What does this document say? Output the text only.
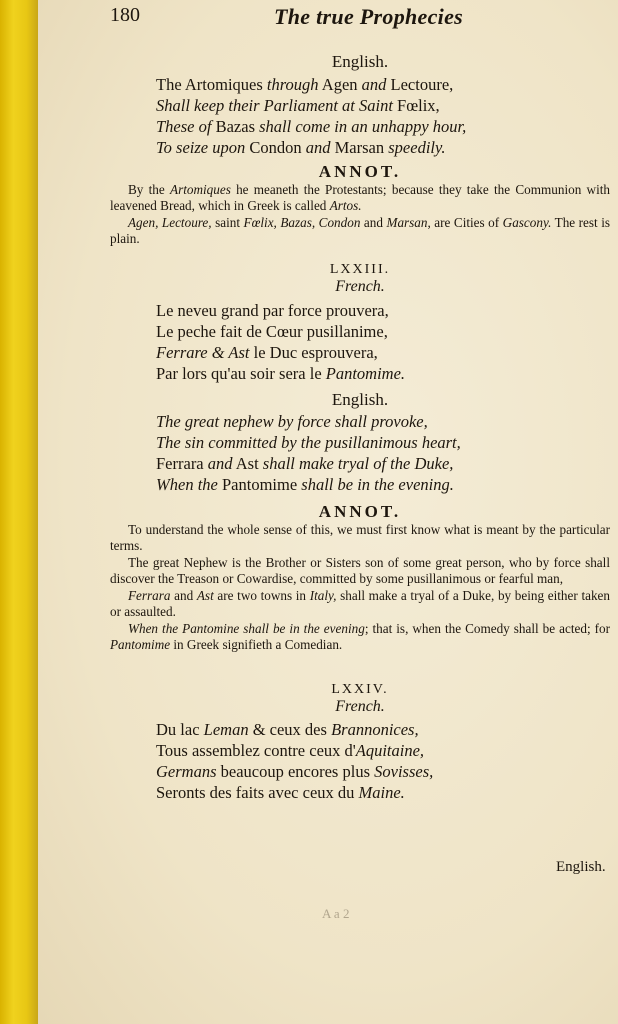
180	The true Prophecies
English.
The Artomiques through Agen and Lectoure,
Shall keep their Parliament at Saint Fœlix,
These of Bazas shall come in an unhappy hour,
To seize upon Condon and Marsan speedily.
ANNOT.
By the Artomiques he meaneth the Protestants; because they take the Communion with leavened Bread, which in Greek is called Artos.
Agen, Lectoure, saint Fœlix, Bazas, Condon and Marsan, are Cities of Gascony. The rest is plain.
LXXIII.
French.
Le neveu grand par force prouvera,
Le peche fait de Cœur pusillanime,
Ferrare & Ast le Duc esprouvera,
Par lors qu'au soir sera le Pantomime.
English.
The great nephew by force shall provoke,
The sin committed by the pusillanimous heart,
Ferrara and Ast shall make tryal of the Duke,
When the Pantomime shall be in the evening.
ANNOT.
To understand the whole sense of this, we must first know what is meant by the particular terms.
The great Nephew is the Brother or Sisters son of some great person, who by force shall discover the Treason or Cowardise, committed by some pusillanimous or fearful man,
Ferrara and Ast are two towns in Italy, shall make a tryal of a Duke, by being either taken or assaulted.
When the Pantomine shall be in the evening; that is, when the Comedy shall be acted; for Pantomime in Greek signifieth a Comedian.
LXXIV.
French.
Du lac Leman & ceux des Brannonices,
Tous assemblez contre ceux d'Aquitaine,
Germans beaucoup encores plus Sovisses,
Seronts des faits avec ceux du Maine.
English.
A a 2
